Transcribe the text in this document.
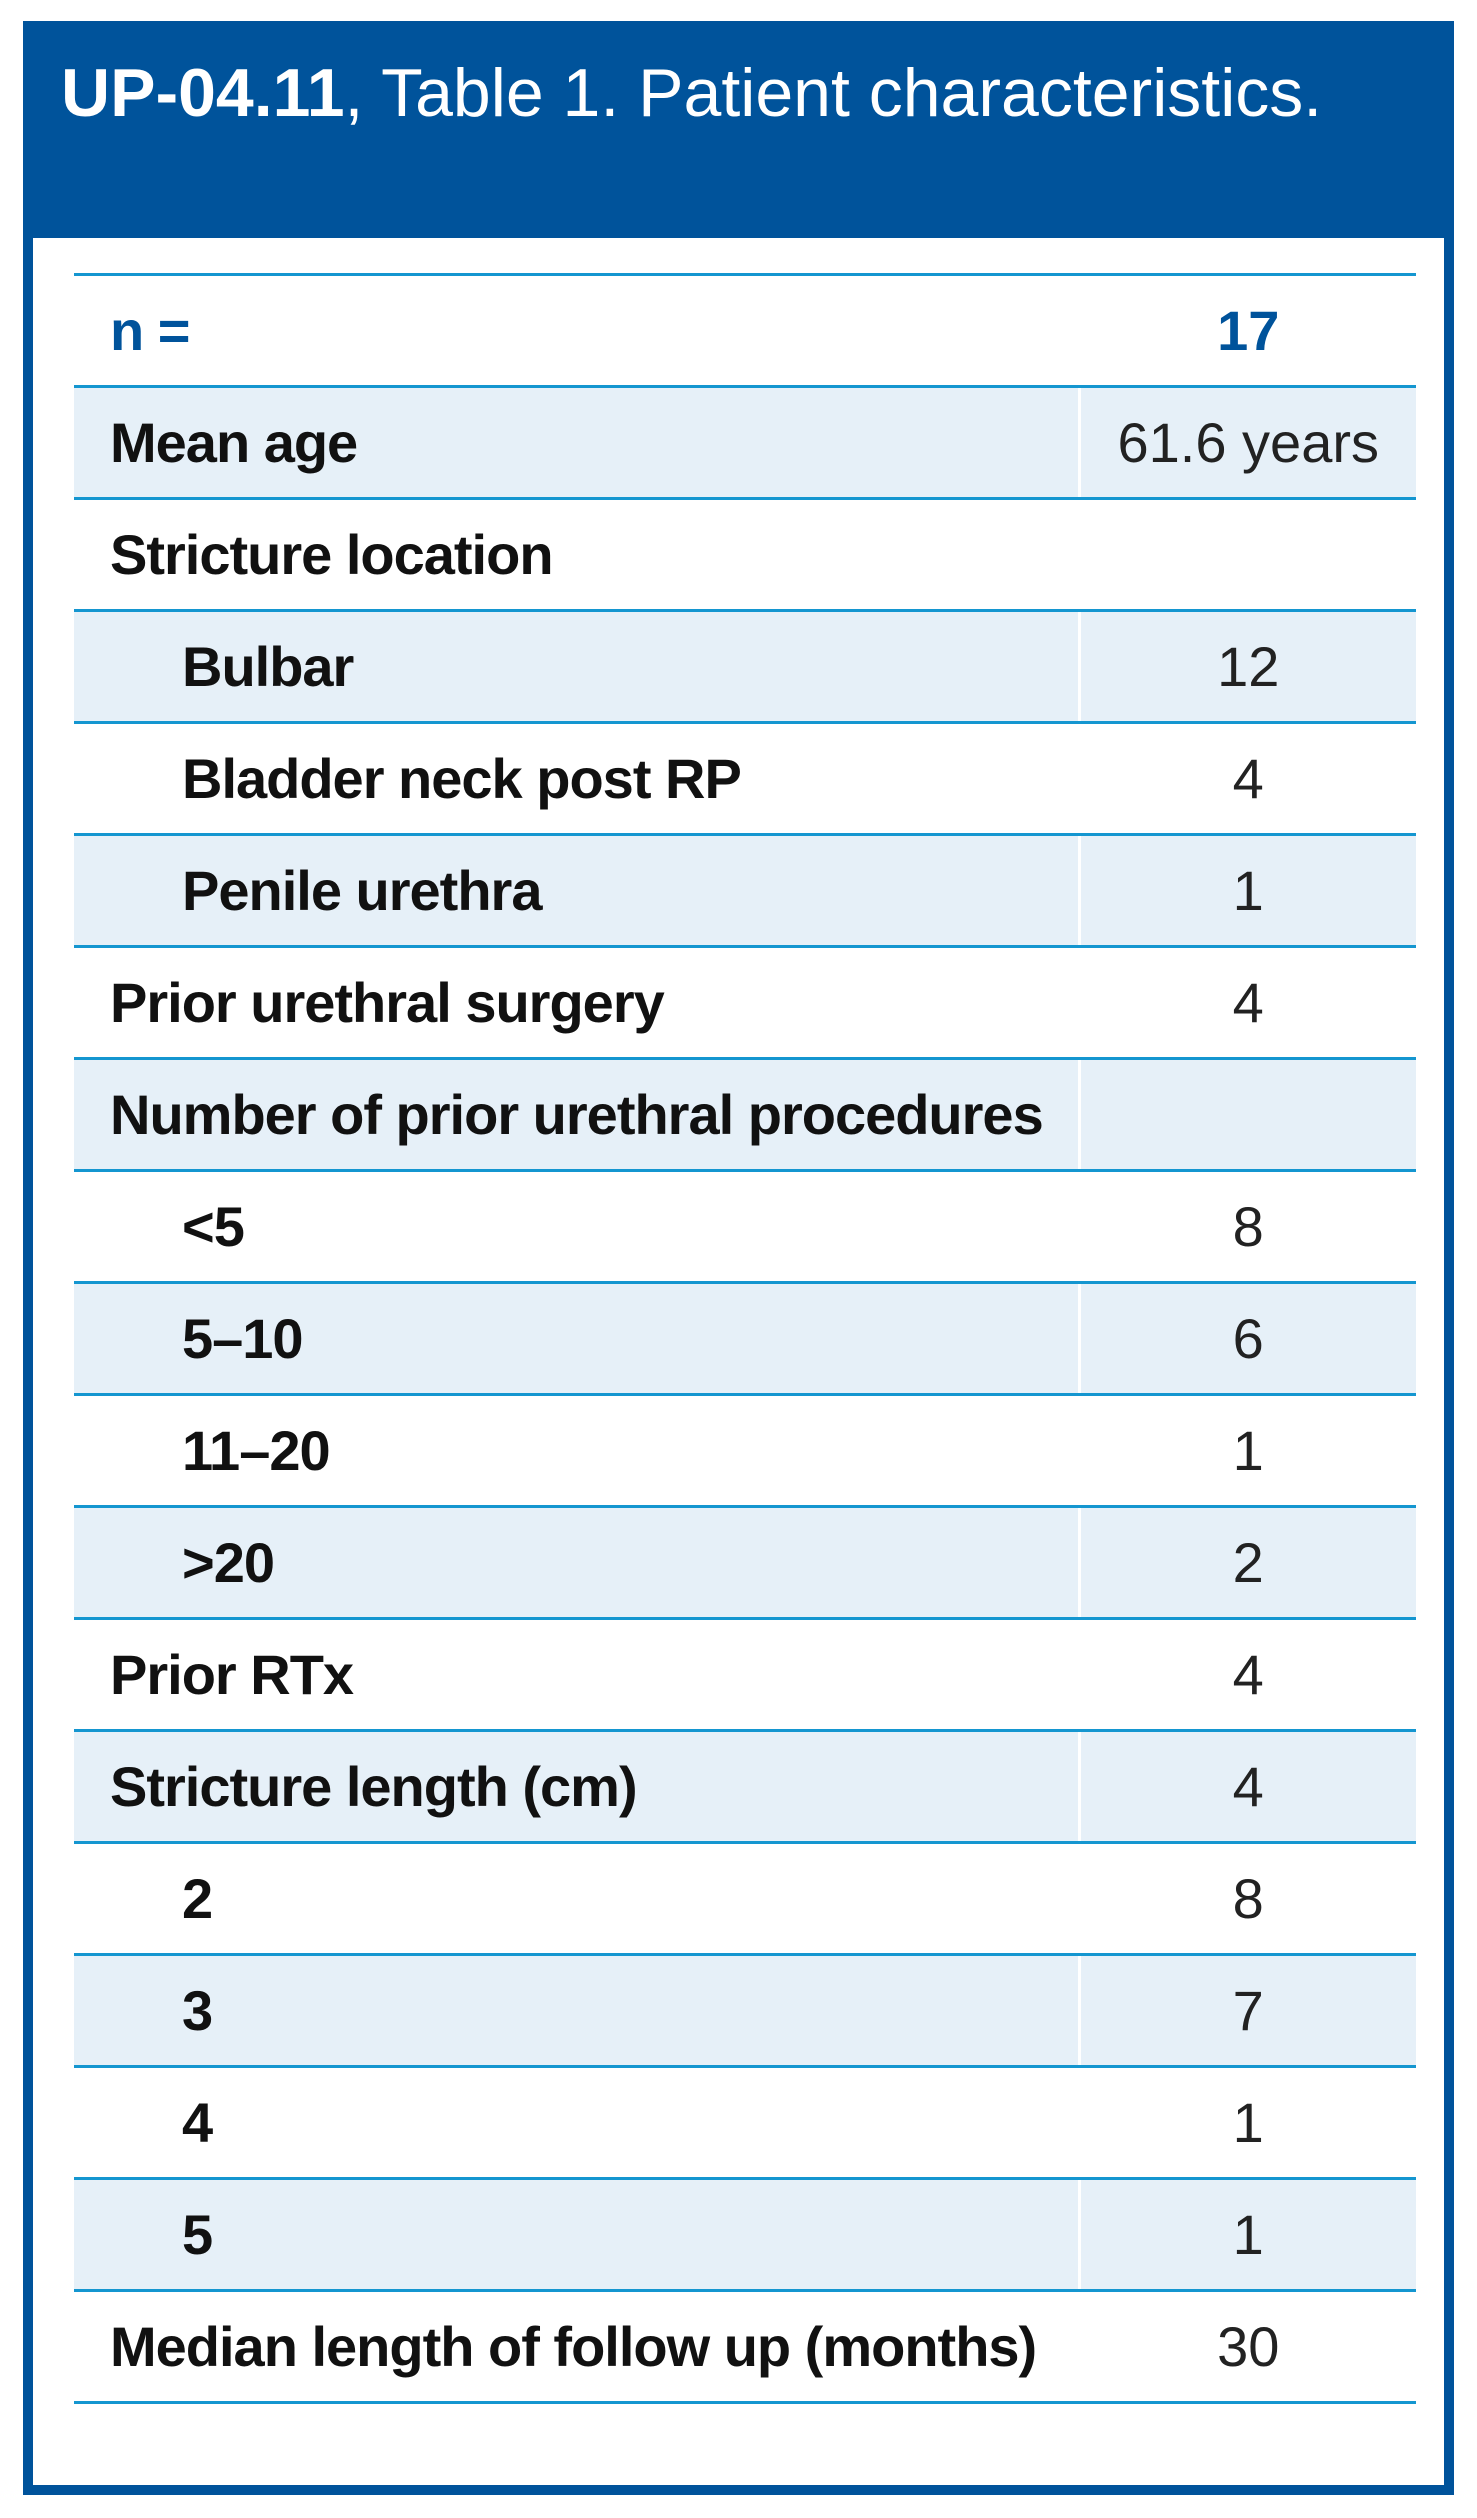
UP-04.11, Table 1. Patient characteristics.
n =	17
Mean age	61.6 years
Stricture location	
Bulbar	12
Bladder neck post RP	4
Penile urethra	1
Prior urethral surgery	4
Number of prior urethral procedures	
<5	8
5–10	6
11–20	1
>20	2
Prior RTx	4
Stricture length (cm)	4
2	8
3	7
4	1
5	1
Median length of follow up (months)	30
